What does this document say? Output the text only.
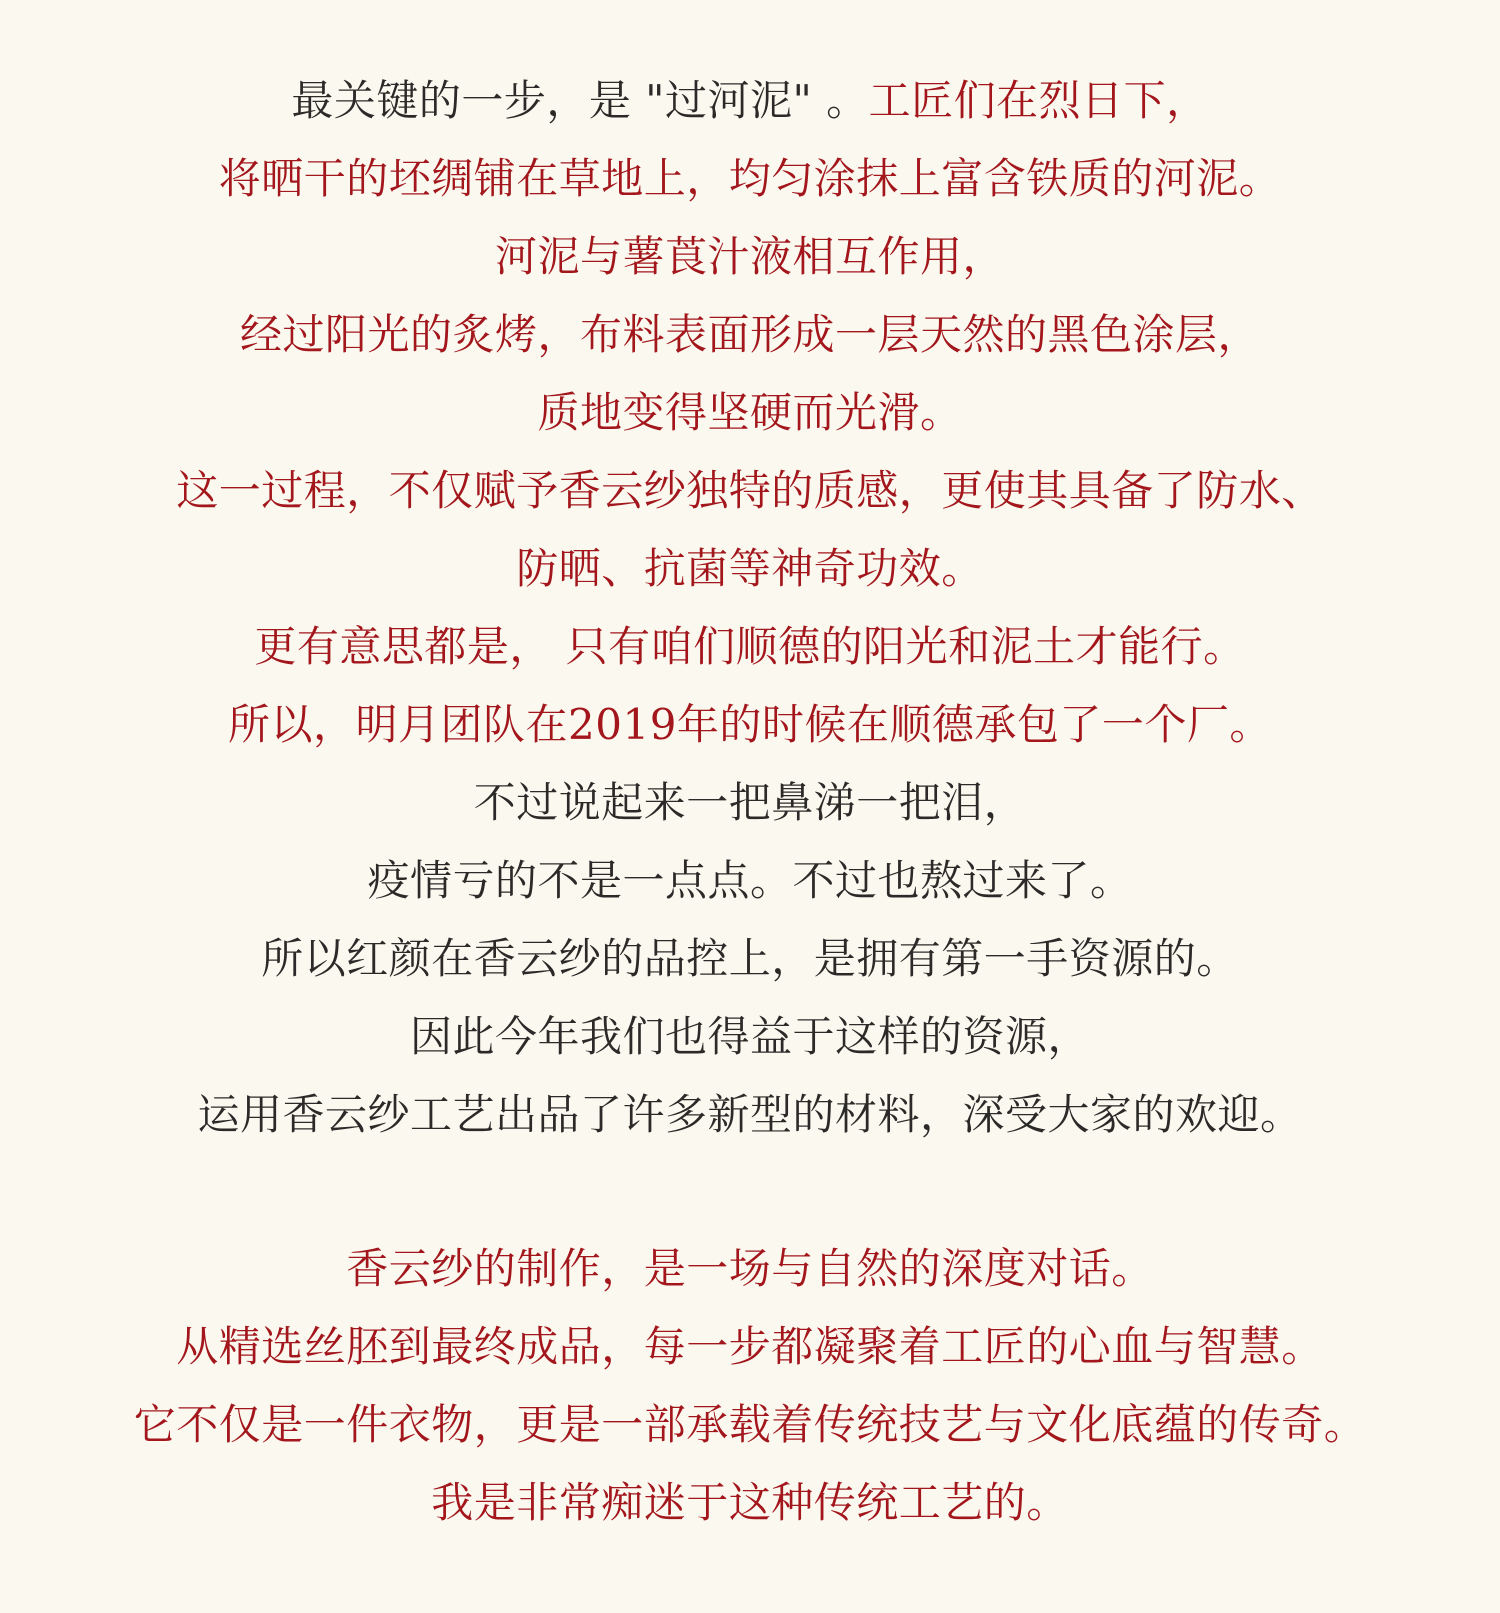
最关键的一步，是 "过河泥" 。工匠们在烈日下，
将晒干的坯绸铺在草地上，均匀涂抹上富含铁质的河泥。
河泥与薯莨汁液相互作用，
经过阳光的炙烤，布料表面形成一层天然的黑色涂层，
质地变得坚硬而光滑。
这一过程，不仅赋予香云纱独特的质感，更使其具备了防水、
防晒、抗菌等神奇功效。
更有意思都是， 只有咱们顺德的阳光和泥土才能行。
所以，明月团队在2019年的时候在顺德承包了一个厂。
不过说起来一把鼻涕一把泪，
疫情亏的不是一点点。不过也熬过来了。
所以红颜在香云纱的品控上，是拥有第一手资源的。
因此今年我们也得益于这样的资源，
运用香云纱工艺出品了许多新型的材料，深受大家的欢迎。
香云纱的制作，是一场与自然的深度对话。
从精选丝胚到最终成品，每一步都凝聚着工匠的心血与智慧。
它不仅是一件衣物，更是一部承载着传统技艺与文化底蕴的传奇。
我是非常痴迷于这种传统工艺的。
